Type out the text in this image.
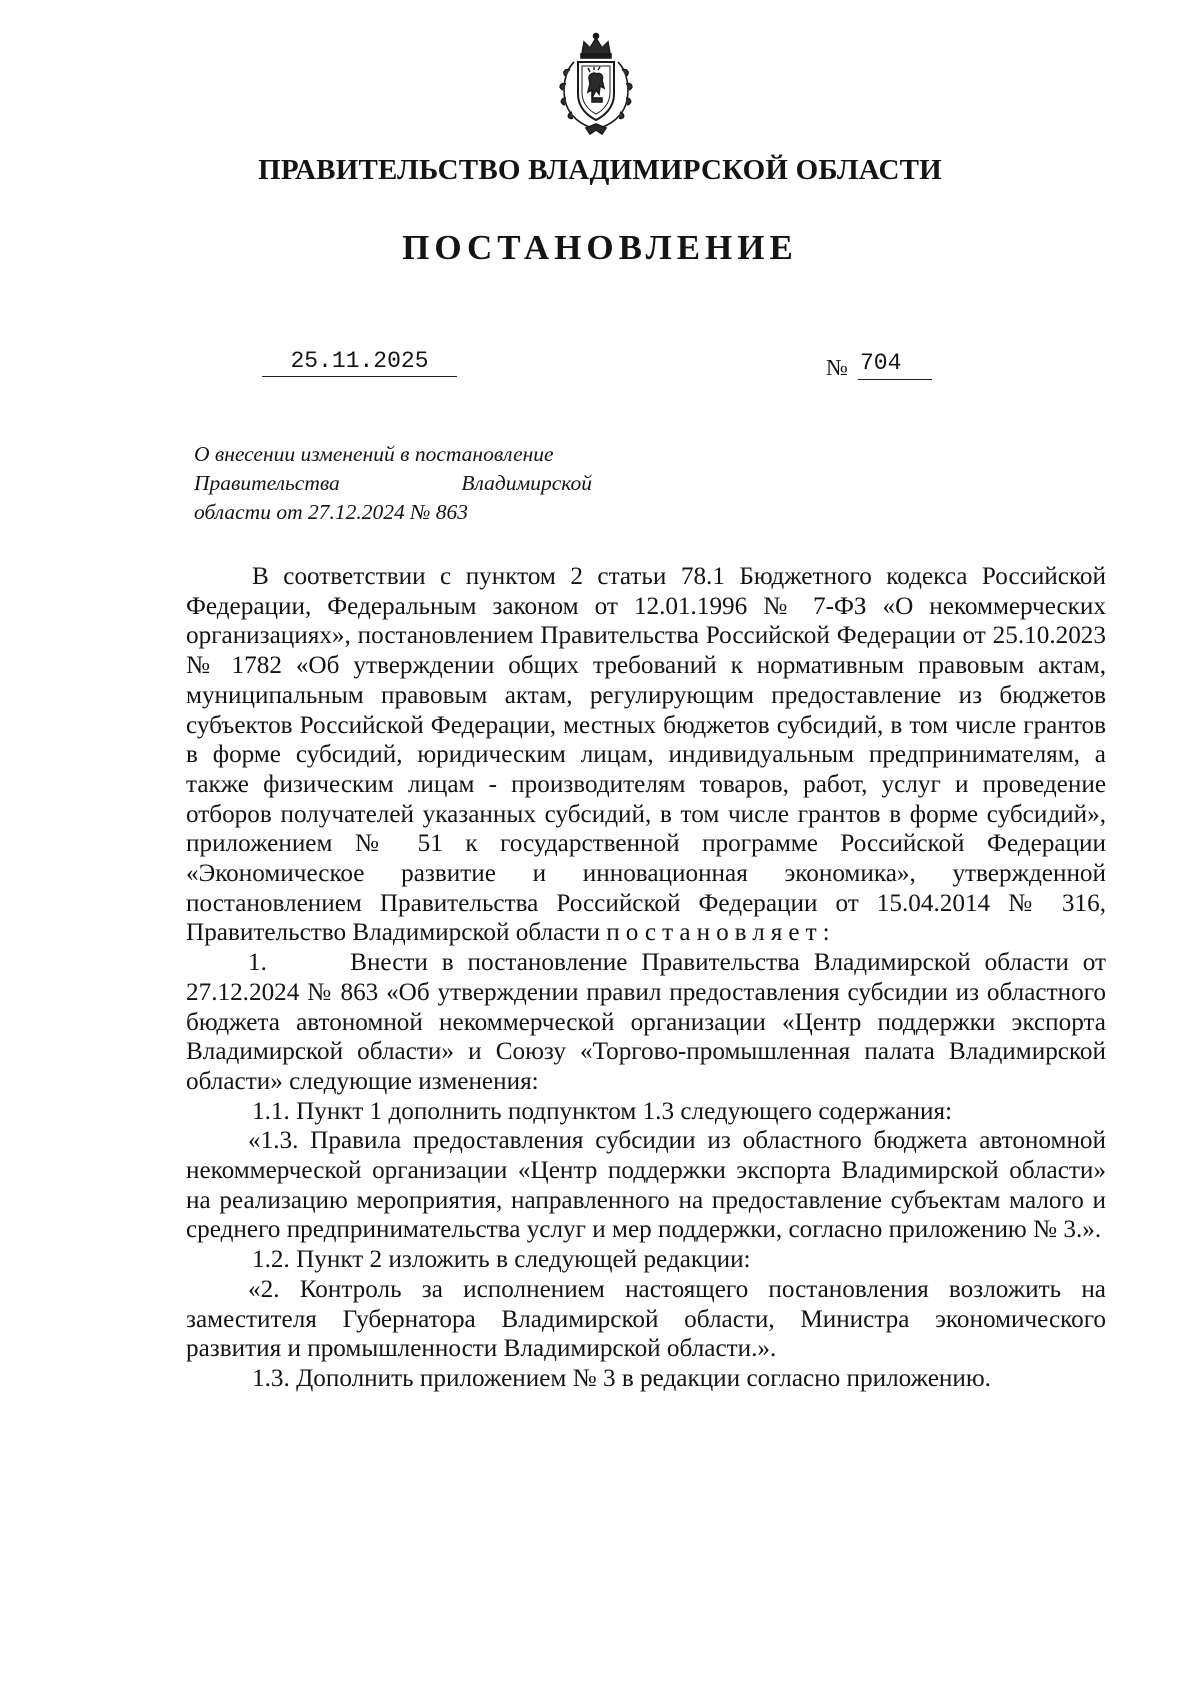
ПРАВИТЕЛЬСТВО ВЛАДИМИРСКОЙ ОБЛАСТИ
ПОСТАНОВЛЕНИЕ
25.11.2025	№ 704
О внесении изменений в постановление
Правительства	Владимирской
области от 27.12.2024 № 863

В соответствии с пунктом 2 статьи 78.1 Бюджетного кодекса Российской Федерации, Федеральным законом от 12.01.1996 № 7-ФЗ «О некоммерческих организациях», постановлением Правительства Российской Федерации от 25.10.2023 № 1782 «Об утверждении общих требований к нормативным правовым актам, муниципальным правовым актам, регулирующим предоставление из бюджетов субъектов Российской Федерации, местных бюджетов субсидий, в том числе грантов в форме субсидий, юридическим лицам, индивидуальным предпринимателям, а также физическим лицам - производителям товаров, работ, услуг и проведение отборов получателей указанных субсидий, в том числе грантов в форме субсидий», приложением № 51 к государственной программе Российской Федерации «Экономическое развитие и инновационная экономика», утвержденной постановлением Правительства Российской Федерации от 15.04.2014 № 316, Правительство Владимирской области постановляет:

1.      Внести в постановление Правительства Владимирской области от 27.12.2024 № 863 «Об утверждении правил предоставления субсидии из областного бюджета автономной некоммерческой организации «Центр поддержки экспорта Владимирской области» и Союзу «Торгово-промышленная палата Владимирской области» следующие изменения:

1.1. Пункт 1 дополнить подпунктом 1.3 следующего содержания:

«1.3. Правила предоставления субсидии из областного бюджета автономной некоммерческой организации «Центр поддержки экспорта Владимирской области» на реализацию мероприятия, направленного на предоставление субъектам малого и среднего предпринимательства услуг и мер поддержки, согласно приложению № 3.».

1.2. Пункт 2 изложить в следующей редакции:

«2. Контроль за исполнением настоящего постановления возложить на заместителя Губернатора Владимирской области, Министра экономического развития и промышленности Владимирской области.».

1.3. Дополнить приложением № 3 в редакции согласно приложению.
